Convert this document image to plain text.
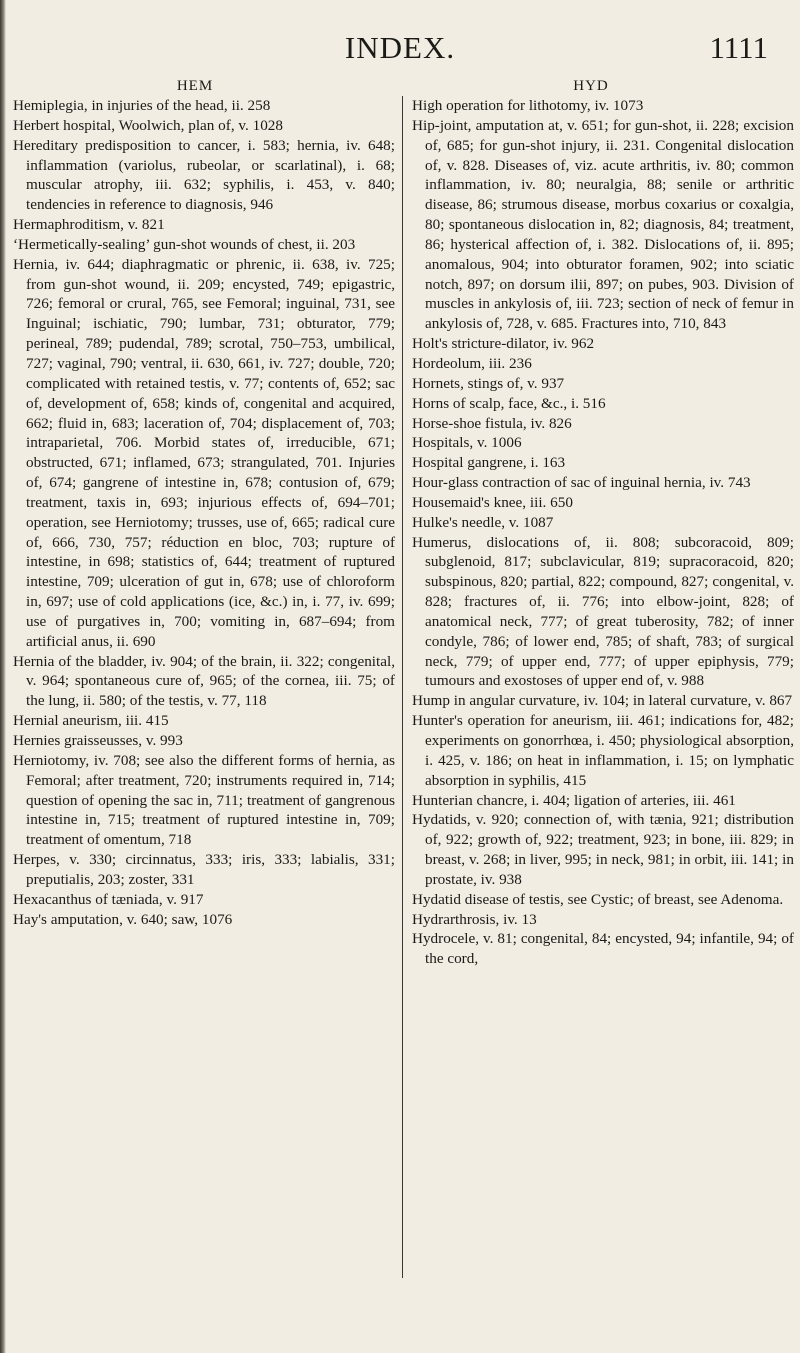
INDEX.	1111
HEM	HYD

Hemiplegia, in injuries of the head, ii. 258

Herbert hospital, Woolwich, plan of, v. 1028

Hereditary predisposition to cancer, i. 583; hernia, iv. 648; inflammation (variolus, rubeolar, or scarlatinal), i. 68; muscular atrophy, iii. 632; syphilis, i. 453, v. 840; tendencies in reference to diagnosis, 946

Hermaphroditism, v. 821

‘Hermetically-sealing’ gun-shot wounds of chest, ii. 203

Hernia, iv. 644; diaphragmatic or phrenic, ii. 638, iv. 725; from gun-shot wound, ii. 209; encysted, 749; epigastric, 726; femoral or crural, 765, see Femoral; inguinal, 731, see Inguinal; ischiatic, 790; lumbar, 731; obturator, 779; perineal, 789; pudendal, 789; scrotal, 750–753, umbilical, 727; vaginal, 790; ventral, ii. 630, 661, iv. 727; double, 720; complicated with retained testis, v. 77; contents of, 652; sac of, development of, 658; kinds of, congenital and acquired, 662; fluid in, 683; laceration of, 704; displacement of, 703; intraparietal, 706. Morbid states of, irreducible, 671; obstructed, 671; inflamed, 673; strangulated, 701. Injuries of, 674; gangrene of intestine in, 678; contusion of, 679; treatment, taxis in, 693; injurious effects of, 694–701; operation, see Herniotomy; trusses, use of, 665; radical cure of, 666, 730, 757; réduction en bloc, 703; rupture of intestine, in 698; statistics of, 644; treatment of ruptured intestine, 709; ulceration of gut in, 678; use of chloroform in, 697; use of cold applications (ice, &c.) in, i. 77, iv. 699; use of purgatives in, 700; vomiting in, 687–694; from artificial anus, ii. 690

Hernia of the bladder, iv. 904; of the brain, ii. 322; congenital, v. 964; spontaneous cure of, 965; of the cornea, iii. 75; of the lung, ii. 580; of the testis, v. 77, 118

Hernial aneurism, iii. 415

Hernies graisseusses, v. 993

Herniotomy, iv. 708; see also the different forms of hernia, as Femoral; after treatment, 720; instruments required in, 714; question of opening the sac in, 711; treatment of gangrenous intestine in, 715; treatment of ruptured intestine in, 709; treatment of omentum, 718

Herpes, v. 330; circinnatus, 333; iris, 333; labialis, 331; preputialis, 203; zoster, 331

Hexacanthus of tæniada, v. 917

Hay's amputation, v. 640; saw, 1076

High operation for lithotomy, iv. 1073

Hip-joint, amputation at, v. 651; for gun-shot, ii. 228; excision of, 685; for gun-shot injury, ii. 231. Congenital dislocation of, v. 828. Diseases of, viz. acute arthritis, iv. 80; common inflammation, iv. 80; neuralgia, 88; senile or arthritic disease, 86; strumous disease, morbus coxarius or coxalgia, 80; spontaneous dislocation in, 82; diagnosis, 84; treatment, 86; hysterical affection of, i. 382. Dislocations of, ii. 895; anomalous, 904; into obturator foramen, 902; into sciatic notch, 897; on dorsum ilii, 897; on pubes, 903. Division of muscles in ankylosis of, iii. 723; section of neck of femur in ankylosis of, 728, v. 685. Fractures into, 710, 843

Holt's stricture-dilator, iv. 962

Hordeolum, iii. 236

Hornets, stings of, v. 937

Horns of scalp, face, &c., i. 516

Horse-shoe fistula, iv. 826

Hospitals, v. 1006

Hospital gangrene, i. 163

Hour-glass contraction of sac of inguinal hernia, iv. 743

Housemaid's knee, iii. 650

Hulke's needle, v. 1087

Humerus, dislocations of, ii. 808; subcoracoid, 809; subglenoid, 817; subclavicular, 819; supracoracoid, 820; subspinous, 820; partial, 822; compound, 827; congenital, v. 828; fractures of, ii. 776; into elbow-joint, 828; of anatomical neck, 777; of great tuberosity, 782; of inner condyle, 786; of lower end, 785; of shaft, 783; of surgical neck, 779; of upper end, 777; of upper epiphysis, 779; tumours and exostoses of upper end of, v. 988

Hump in angular curvature, iv. 104; in lateral curvature, v. 867

Hunter's operation for aneurism, iii. 461; indications for, 482; experiments on gonorrhœa, i. 450; physiological absorption, i. 425, v. 186; on heat in inflammation, i. 15; on lymphatic absorption in syphilis, 415

Hunterian chancre, i. 404; ligation of arteries, iii. 461

Hydatids, v. 920; connection of, with tænia, 921; distribution of, 922; growth of, 922; treatment, 923; in bone, iii. 829; in breast, v. 268; in liver, 995; in neck, 981; in orbit, iii. 141; in prostate, iv. 938

Hydatid disease of testis, see Cystic; of breast, see Adenoma.

Hydrarthrosis, iv. 13

Hydrocele, v. 81; congenital, 84; encysted, 94; infantile, 94; of the cord,
